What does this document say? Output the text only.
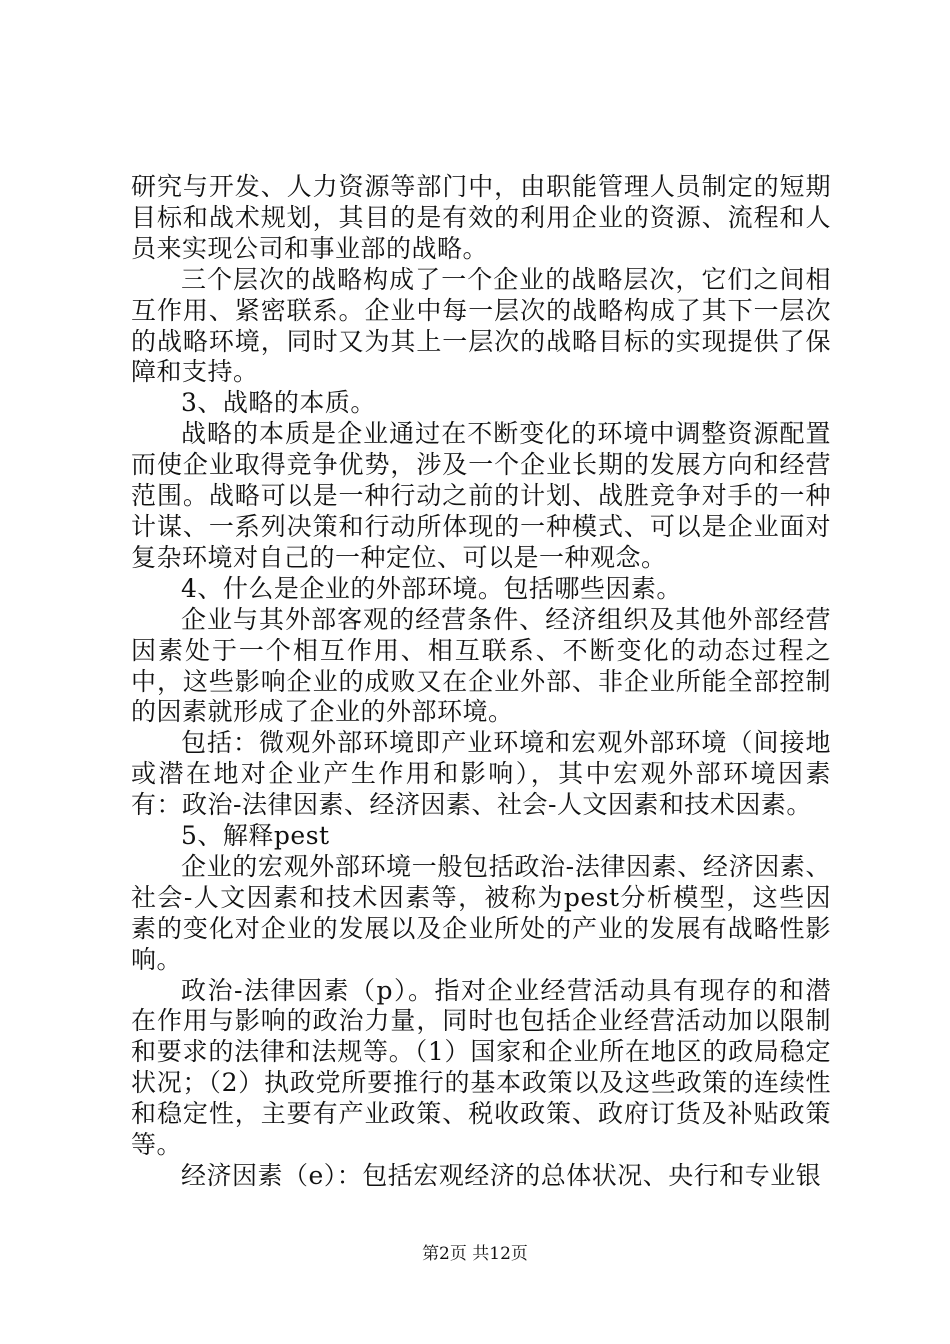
研究与开发、人力资源等部门中，由职能管理人员制定的短期目标和战术规划，其目的是有效的利用企业的资源、流程和人员来实现公司和事业部的战略。

三个层次的战略构成了一个企业的战略层次，它们之间相互作用、紧密联系。企业中每一层次的战略构成了其下一层次的战略环境，同时又为其上一层次的战略目标的实现提供了保障和支持。

3、战略的本质。

战略的本质是企业通过在不断变化的环境中调整资源配置而使企业取得竞争优势，涉及一个企业长期的发展方向和经营范围。战略可以是一种行动之前的计划、战胜竞争对手的一种计谋、一系列决策和行动所体现的一种模式、可以是企业面对复杂环境对自己的一种定位、可以是一种观念。

4、什么是企业的外部环境。包括哪些因素。

企业与其外部客观的经营条件、经济组织及其他外部经营因素处于一个相互作用、相互联系、不断变化的动态过程之中，这些影响企业的成败又在企业外部、非企业所能全部控制的因素就形成了企业的外部环境。

包括：微观外部环境即产业环境和宏观外部环境（间接地或潜在地对企业产生作用和影响），其中宏观外部环境因素有：政治-法律因素、经济因素、社会-人文因素和技术因素。

5、解释pest

企业的宏观外部环境一般包括政治-法律因素、经济因素、社会-人文因素和技术因素等，被称为pest分析模型，这些因素的变化对企业的发展以及企业所处的产业的发展有战略性影响。

政治-法律因素（p）。指对企业经营活动具有现存的和潜在作用与影响的政治力量，同时也包括企业经营活动加以限制和要求的法律和法规等。（1）国家和企业所在地区的政局稳定状况；（2）执政党所要推行的基本政策以及这些政策的连续性和稳定性，主要有产业政策、税收政策、政府订货及补贴政策等。

经济因素（e）：包括宏观经济的总体状况、央行和专业银

第2页 共12页
